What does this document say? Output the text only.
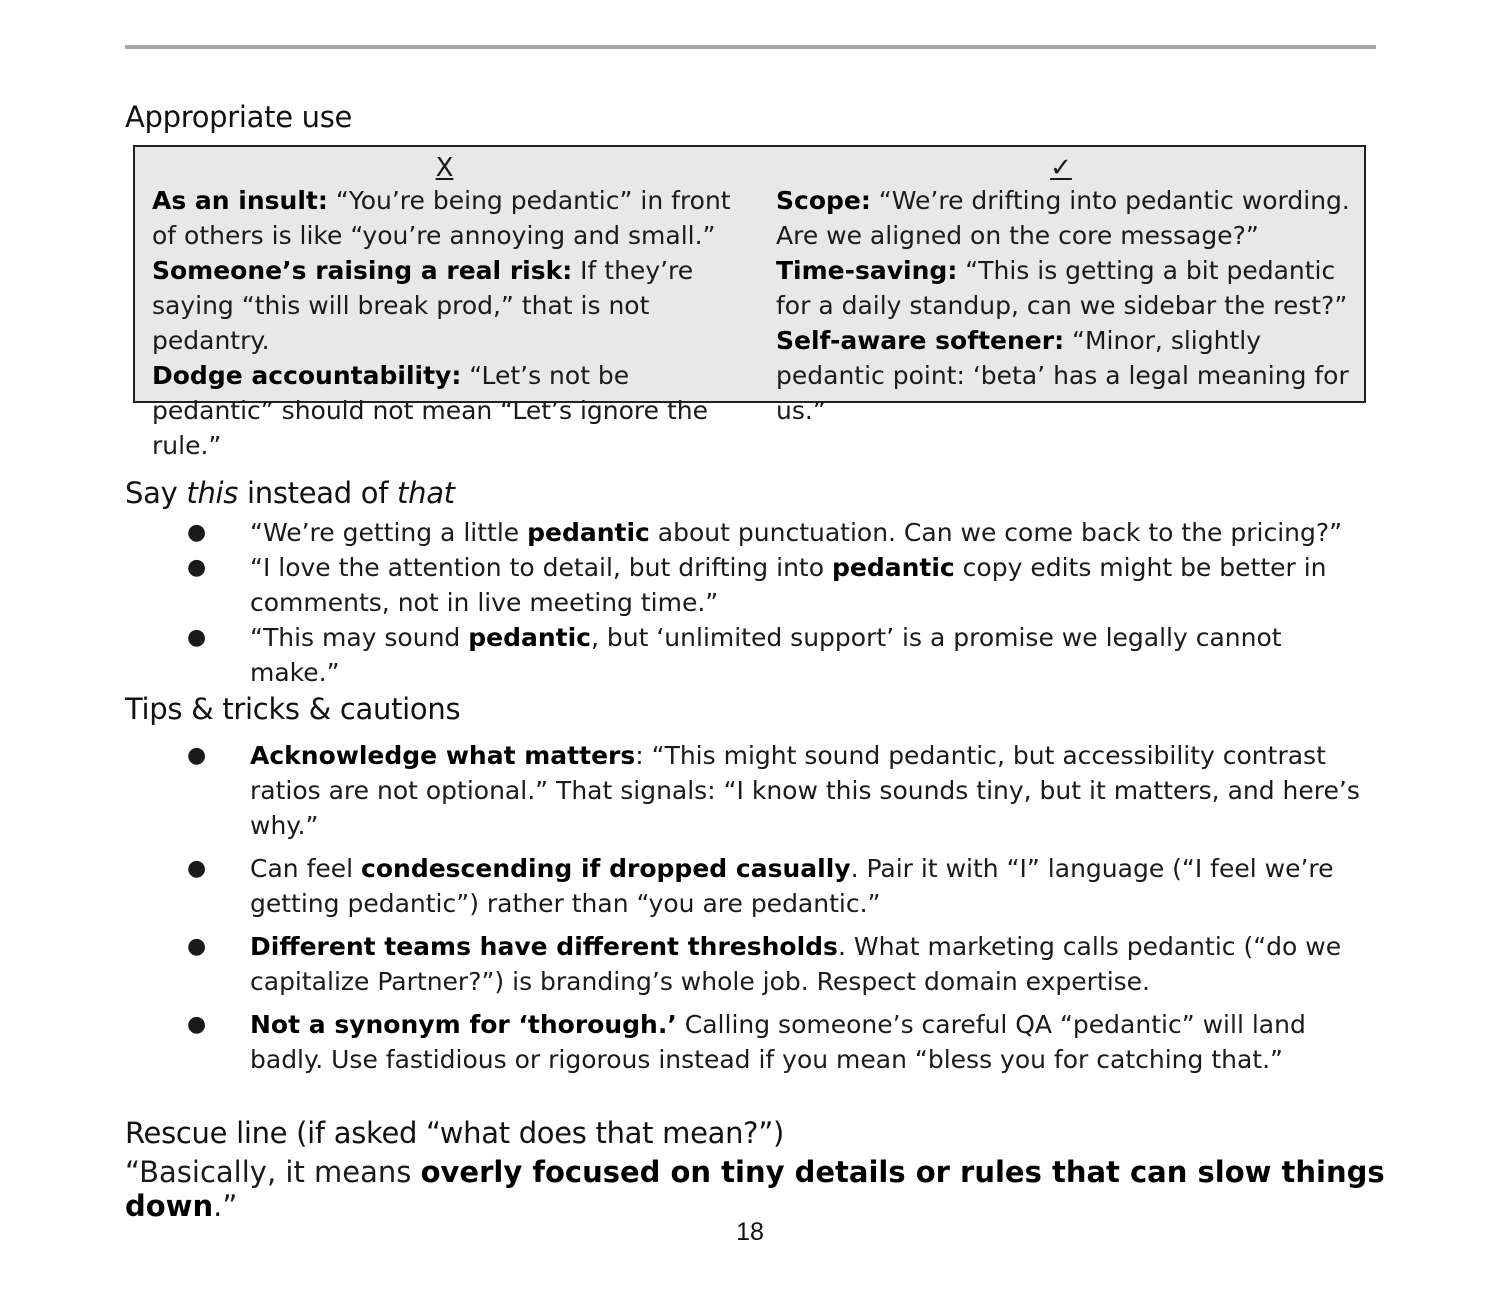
Appropriate use
X
As an insult: “You’re being pedantic” in front of others is like “you’re annoying and small.”
Someone’s raising a real risk: If they’re saying “this will break prod,” that is not pedantry.
Dodge accountability: “Let’s not be pedantic” should not mean “Let’s ignore the rule.”
✓
Scope: “We’re drifting into pedantic wording. Are we aligned on the core message?”
Time-saving: “This is getting a bit pedantic for a daily standup, can we sidebar the rest?”
Self-aware softener: “Minor, slightly pedantic point: ‘beta’ has a legal meaning for us.”
Say this instead of that
● “We’re getting a little pedantic about punctuation. Can we come back to the pricing?”
● “I love the attention to detail, but drifting into pedantic copy edits might be better in comments, not in live meeting time.”
● “This may sound pedantic, but ‘unlimited support’ is a promise we legally cannot make.”
Tips & tricks & cautions
● Acknowledge what matters: “This might sound pedantic, but accessibility contrast ratios are not optional.” That signals: “I know this sounds tiny, but it matters, and here’s why.”
● Can feel condescending if dropped casually. Pair it with “I” language (“I feel we’re getting pedantic”) rather than “you are pedantic.”
● Different teams have different thresholds. What marketing calls pedantic (“do we capitalize Partner?”) is branding’s whole job. Respect domain expertise.
● Not a synonym for ‘thorough.’ Calling someone’s careful QA “pedantic” will land badly. Use fastidious or rigorous instead if you mean “bless you for catching that.”
Rescue line (if asked “what does that mean?”)
“Basically, it means overly focused on tiny details or rules that can slow things down.”
18
